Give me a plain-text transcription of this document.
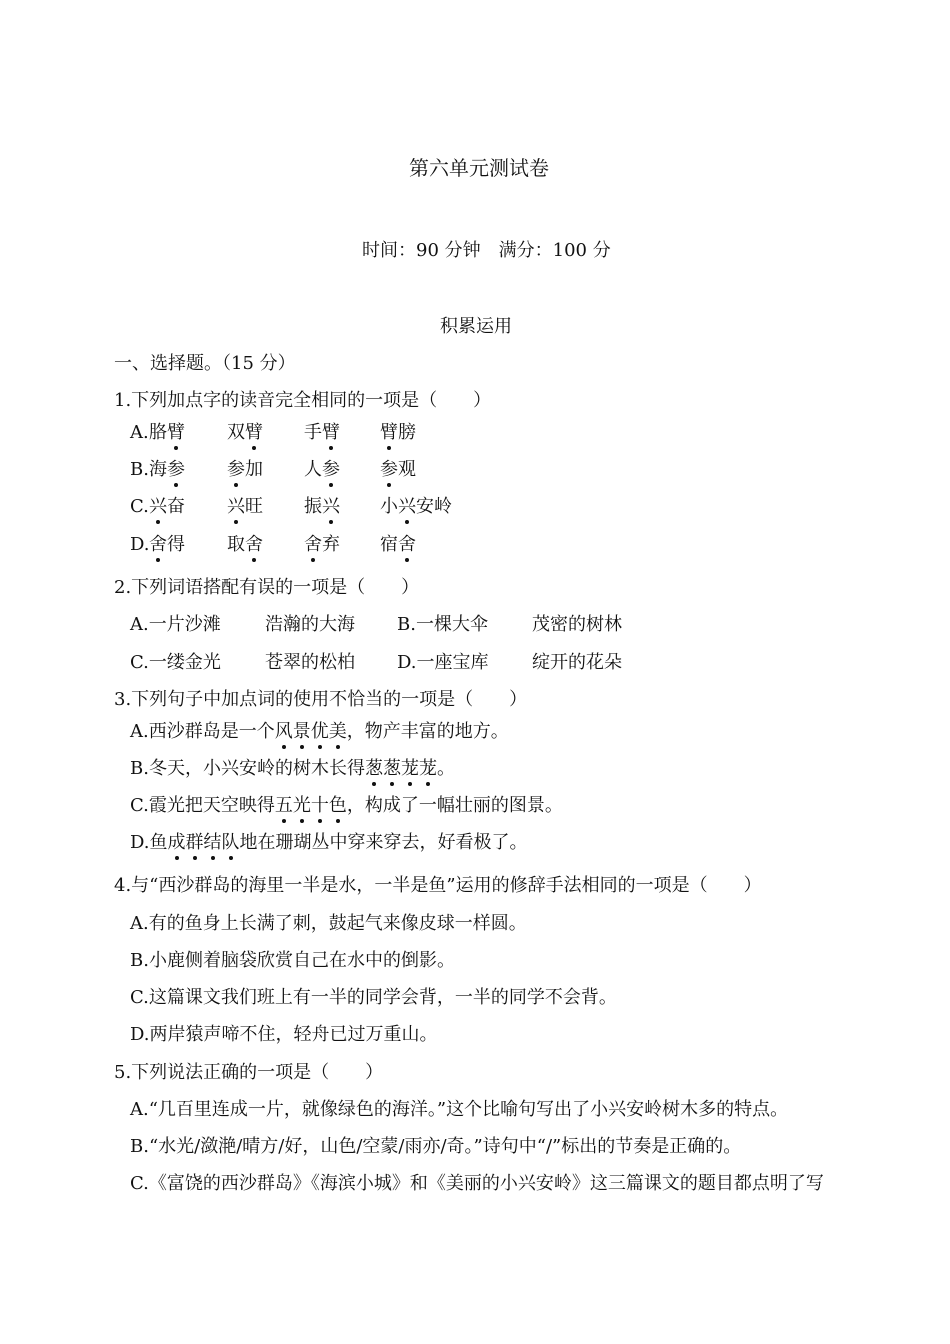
第六单元测试卷
时间：90 分钟　满分：100 分
积累运用
一、选择题。（15 分）
1.下列加点字的读音完全相同的一项是（　　）
A. 胳臂 双臂 手臂 臂膀
B. 海参 参加 人参 参观
C. 兴奋 兴旺 振兴 小兴安岭
D. 舍得 取舍 舍弃 宿舍
2.下列词语搭配有误的一项是（　　）
A.一片沙滩 浩瀚的大海 B.一棵大伞 茂密的树林
C.一缕金光 苍翠的松柏 D.一座宝库 绽开的花朵
3.下列句子中加点词的使用不恰当的一项是（　　）
A.西沙群岛是一个风景优美，物产丰富的地方。
B.冬天，小兴安岭的树木长得葱葱茏茏。
C.霞光把天空映得五光十色，构成了一幅壮丽的图景。
D.鱼成群结队地在珊瑚丛中穿来穿去，好看极了。
4.与“西沙群岛的海里一半是水，一半是鱼”运用的修辞手法相同的一项是（　　）
A.有的鱼身上长满了刺，鼓起气来像皮球一样圆。
B.小鹿侧着脑袋欣赏自己在水中的倒影。
C.这篇课文我们班上有一半的同学会背，一半的同学不会背。
D.两岸猿声啼不住，轻舟已过万重山。
5.下列说法正确的一项是（　　）
A.“几百里连成一片，就像绿色的海洋。”这个比喻句写出了小兴安岭树木多的特点。
B.“水光/潋滟/晴方/好，山色/空蒙/雨亦/奇。”诗句中“/”标出的节奏是正确的。
C.《富饶的西沙群岛》《海滨小城》和《美丽的小兴安岭》这三篇课文的题目都点明了写
